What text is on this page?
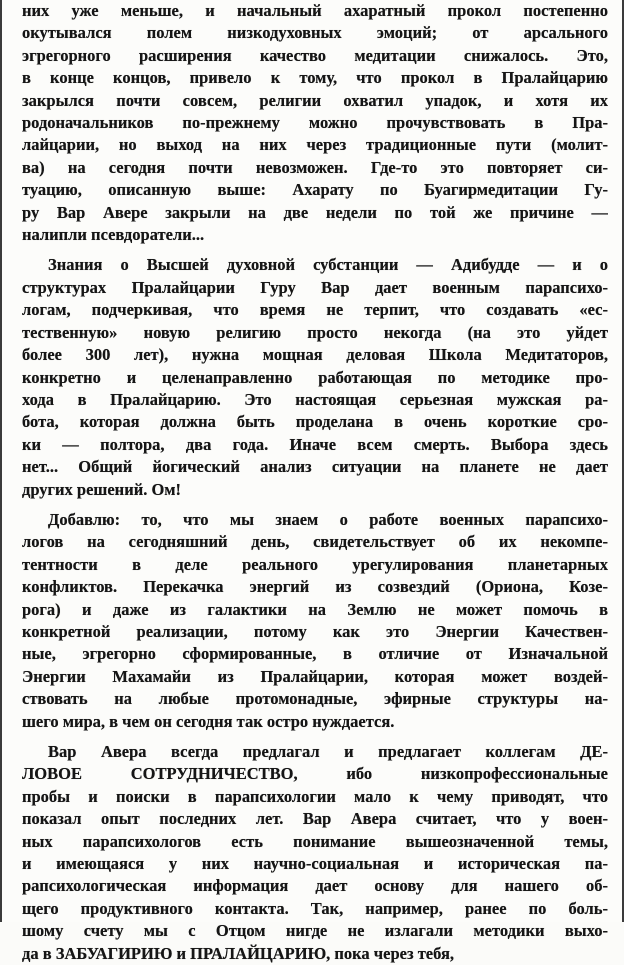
них уже меньше, и начальный ахаратный прокол постепенно
окутывался полем низкодуховных эмоций; от арсального
эгрегорного расширения качество медитации снижалось. Это,
в конце концов, привело к тому, что прокол в Пралайцарию
закрылся почти совсем, религии охватил упадок, и хотя их
родоначальников по-прежнему можно прочувствовать в Пра-
лайцарии, но выход на них через традиционные пути (молит-
ва) на сегодня почти невозможен. Где-то это повторяет си-
туацию, описанную выше: Ахарату по Буагирмедитации Гу-
ру Вар Авере закрыли на две недели по той же причине —
налипли псевдоратели...
Знания о Высшей духовной субстанции — Адибудде — и о
структурах Пралайцарии Гуру Вар дает военным парапсихо-
логам, подчеркивая, что время не терпит, что создавать «ес-
тественную» новую религию просто некогда (на это уйдет
более 300 лет), нужна мощная деловая Школа Медитаторов,
конкретно и целенаправленно работающая по методике про-
хода в Пралайцарию. Это настоящая серьезная мужская ра-
бота, которая должна быть проделана в очень короткие сро-
ки — полтора, два года. Иначе всем смерть. Выбора здесь
нет... Общий йогический анализ ситуации на планете не дает
других решений. Ом!
Добавлю: то, что мы знаем о работе военных парапсихо-
логов на сегодняшний день, свидетельствует об их некомпе-
тентности в деле реального урегулирования планетарных
конфликтов. Перекачка энергий из созвездий (Ориона, Козе-
рога) и даже из галактики на Землю не может помочь в
конкретной реализации, потому как это Энергии Качествен-
ные, эгрегорно сформированные, в отличие от Изначальной
Энергии Махамайи из Пралайцарии, которая может воздей-
ствовать на любые протомонадные, эфирные структуры на-
шего мира, в чем он сегодня так остро нуждается.
Вар Авера всегда предлагал и предлагает коллегам ДЕ-
ЛОВОЕ СОТРУДНИЧЕСТВО, ибо низкопрофессиональные
пробы и поиски в парапсихологии мало к чему приводят, что
показал опыт последних лет. Вар Авера считает, что у воен-
ных парапсихологов есть понимание вышеозначенной темы,
и имеющаяся у них научно-социальная и историческая па-
рапсихологическая информация дает основу для нашего об-
щего продуктивного контакта. Так, например, ранее по боль-
шому счету мы с Отцом нигде не излагали методики выхо-
да в ЗАБУАГИРИЮ и ПРАЛАЙЦАРИЮ, пока через тебя,
